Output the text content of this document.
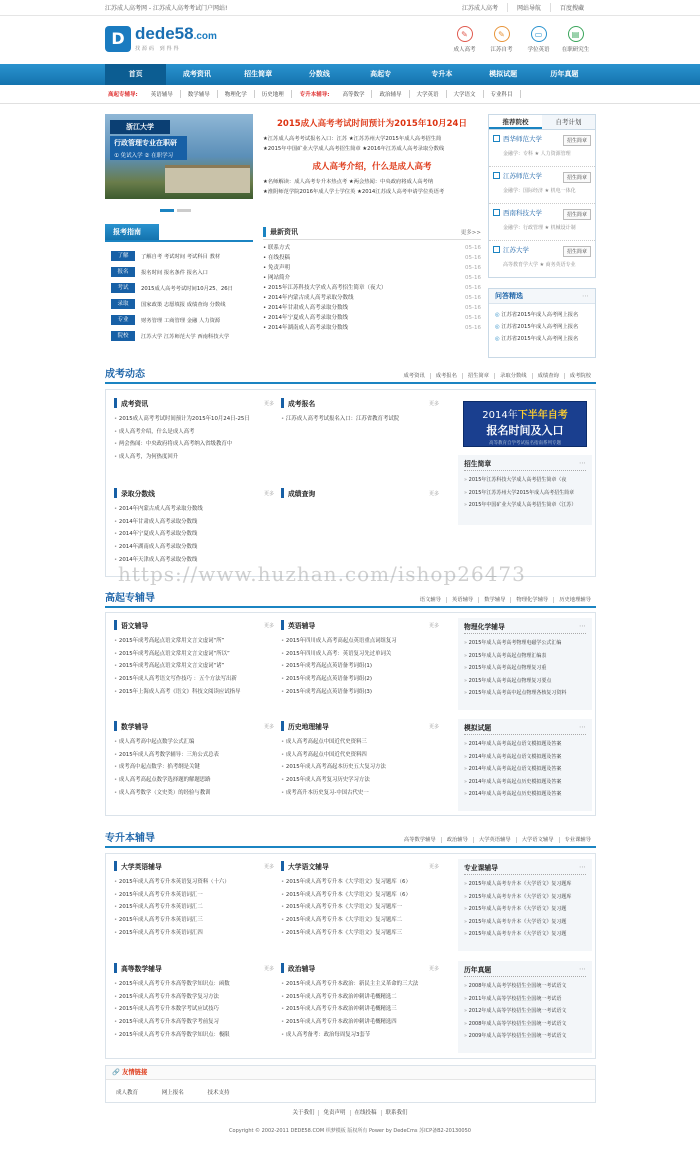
江苏成人高考网 - 江苏成人高考考试门户网站!	江苏成人高考	网站导航	百度搜藏
D dede58.com
找源码 到得得
✎
成人高考
✎
江苏自考
▭
学位英语
▤
在职研究生
首页	成考资讯	招生简章	分数线	高起专	专升本	模拟试题	历年真题
高起专辅导:	英语辅导	数学辅导	物理化学	历史地理	专升本辅导:	高等数学	政治辅导	大学英语	大学语文	专业科目
浙江大学
行政管理专业在职研
① 免试入学 ② 在职学习
2015成人高考考试时间预计为2015年10月24日
★江苏成人高考考试报名入口：江苏 ★江苏苏州大学2015年成人高考招生简
★2015年中国矿业大学成人高考招生简章 ★2016年江苏成人高考录取分数线
成人高考介绍，什么是成人高考
★名师解读：成人高考专升本热点考 ★两会热闻：中央政府将成人高考纳
★淮阴师范学院2016年成人学士学位英 ★2014江苏成人高考申请学位英语考
推荐院校	自考计划
西华师范大学
金融学：专科 ★ 人力资源管理
招生简章
江苏师范大学
金融学：国际经济 ★ 机电一体化
招生简章
西南科技大学
金融学：行政管理 ★ 机械设计制
招生简章
江苏大学
高等教育学大学 ★ 商务英语专业
招生简章
问答精选	⋯
◎ 江苏省2015年成人高考网上报名
◎ 江苏省2015年成人高考网上报名
◎ 江苏省2015年成人高考网上报名
报考指南
了解	了解自考 考试时间 考试科目 教材
报名	报名时间 报名条件 报名入口
考试	2015成人高考考试时间10月25、26日
录取	国家政策 志愿填报 成绩查询 分数线
专业	财务管理 工商管理 金融 人力资源
院校	江苏大学 江苏师范大学 西南科技大学
最新资讯	更多>>
• 联系方式	05-16
• 在线投稿	05-16
• 免责声明	05-16
• 网站简介	05-16
• 2015年江苏科技大学成人高考招生简章（夜大）	05-16
• 2014年内蒙古成人高考录取分数线	05-16
• 2014年甘肃成人高考录取分数线	05-16
• 2014年宁夏成人高考录取分数线	05-16
• 2014年湖南成人高考录取分数线	05-16
成考动态	成考资讯 成考报名 招生简章 录取分数线 成绩查询 成考院校
成考资讯	更多
• 2015成人高考考试时间预计为2015年10月24日-25日
• 成人高考介绍，什么是成人高考
• 两会热闻：中央政府将成人高考纳入省级教育中
• 成人高考，为何热度回升
成考报名	更多
• 江苏成人高考考试报名入口：江苏省教育考试院
录取分数线	更多
• 2014年内蒙古成人高考录取分数线
• 2014年甘肃成人高考录取分数线
• 2014年宁夏成人高考录取分数线
• 2014年湖南成人高考录取分数线
• 2014年天津成人高考录取分数线
成绩查询	更多
2014年下半年自考
报名时间及入口
高等教育自学考试报名指南系列专题
招生简章	⋯
» 2015年江苏科技大学成人高考招生简章（夜
» 2015年江苏苏州大学2015年成人高考招生简章
» 2015年中国矿业大学成人高考招生简章（江苏）
https://www.huzhan.com/ishop26473
高起专辅导	语文辅导 英语辅导 数学辅导 物理化学辅导 历史地理辅导
语文辅导	更多
• 2015年成考高起点语文常用文言文虚词“所”
• 2015年成考高起点语文常用文言文虚词“所以”
• 2015年成考高起点语文常用文言文虚词“诸”
• 2015年成人高考语文写作技巧 ：五个方法写出新
• 2015年上海成人高考《语文》科技文阅读应试指导
英语辅导	更多
• 2015年四川成人高考高起点英语重点词组复习
• 2015年四川成人高考：英语复习先过单词关
• 2015年成考高起点英语备考词组(1)
• 2015年成考高起点英语备考词组(2)
• 2015年成考高起点英语备考词组(3)
数学辅导	更多
• 成人高考高中起点数学公式汇编
• 2015年成人高考数学辅导：三角公式总表
• 成考高中起点数学：掐考纲是关键
• 成人高考高起点数学选择题的解题思路
• 成人高考数学（文史类）的经验与教训
历史地理辅导	更多
• 成人高考高起点中国近代史资料三
• 成人高考高起点中国近代史资料四
• 2015年成人高考高起本历史五大复习方法
• 2015年成人高考复习历史学习方法
• 成考高升本历史复习-中国古代史一
物理化学辅导	⋯
» 2015年成人高考高考物理电磁学公式汇编
» 2015年成人高考高起点物理汇编表
» 2015年成人高考高起点物理复习重
» 2015年成人高考高起点物理复习要点
» 2015年成人高考高中起点物理各核复习资料
模拟试题	⋯
» 2014年成人高考高起点语文模拟题及答案
» 2014年成人高考高起点语文模拟题及答案
» 2014年成人高考高起点语文模拟题及答案
» 2014年成人高考高起点历史模拟题及答案
» 2014年成人高考高起点历史模拟题及答案
专升本辅导	高等数学辅导 政治辅导 大学英语辅导 大学语文辅导 专业课辅导
大学英语辅导	更多
• 2015年成人高考专升本英语复习资料（十六）
• 2015年成人高考专升本英语词汇一
• 2015年成人高考专升本英语词汇二
• 2015年成人高考专升本英语词汇三
• 2015年成人高考专升本英语词汇四
大学语文辅导	更多
• 2015年成人高考专升本《大学语文》复习题库（6）
• 2015年成人高考专升本《大学语文》复习题库（6）
• 2015年成人高考专升本《大学语文》复习题库一
• 2015年成人高考专升本《大学语文》复习题库二
• 2015年成人高考专升本《大学语文》复习题库三
高等数学辅导	更多
• 2015年成人高考专升本高等数学知识点：函数
• 2015年成人高考专升本高等数学复习方法
• 2015年成人高考专升本数学考试应试技巧
• 2015年成人高考专升本高等数学考前复习
• 2015年成人高考专升本高等数学知识点：极限
政治辅导	更多
• 2015年成人高考专升本政治：新民主主义革命的三大法
• 2015年成人高考专升本政治冲刺讲毛概精选二
• 2015年成人高考专升本政治冲刺讲毛概精选三
• 2015年成人高考专升本政治冲刺讲毛概精选四
• 成人高考备考：政治每周复习3套节
专业课辅导	⋯
» 2015年成人高考专升本《大学语文》复习题库
» 2015年成人高考专升本《大学语文》复习题库
» 2015年成人高考专升本《大学语文》复习题
» 2015年成人高考专升本《大学语文》复习题
» 2015年成人高考专升本《大学语文》复习题
历年真题	⋯
» 2008年成人高考学校招生全国统一考试语文
» 2011年成人高等学校招生全国统一考试语
» 2012年成人高等学校招生全国统一考试语文
» 2008年成人高等学校招生全国统一考试语文
» 2009年成人高等学校招生全国统一考试语文
🔗 友情链接
成人教育	网上报名	技术支持
关于我们 免责声明 在线投稿 联系我们
Copyright © 2002-2011 DEDE58.COM 织梦模板 版权所有 Power by DedeCms 苏ICP备B2-20130050
